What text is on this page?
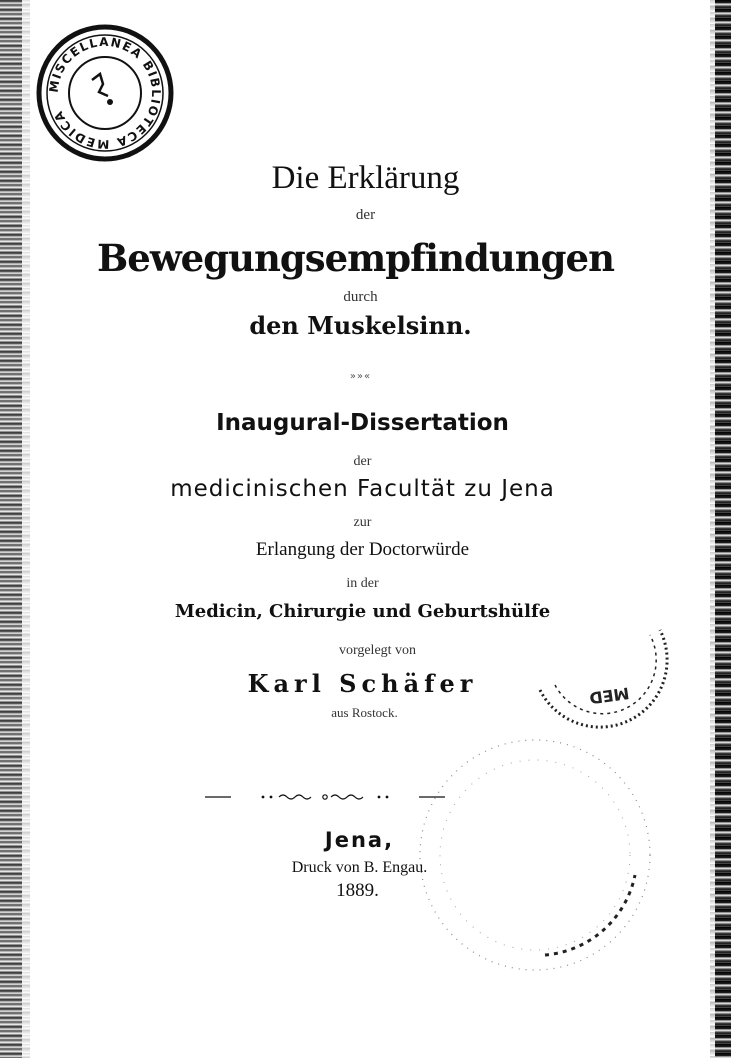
MISCELLANEA BIBLIOTECA MEDICA
MED
Die Erklärung
der
Bewegungsempfindungen
durch
den Muskelsinn.
»»«
Inaugural-Dissertation
der
medicinischen Facultät zu Jena
zur
Erlangung der Doctorwürde
in der
Medicin, Chirurgie und Geburtshülfe
vorgelegt von
Karl Schäfer
aus Rostock.
Jena,
Druck von B. Engau.
1889.
